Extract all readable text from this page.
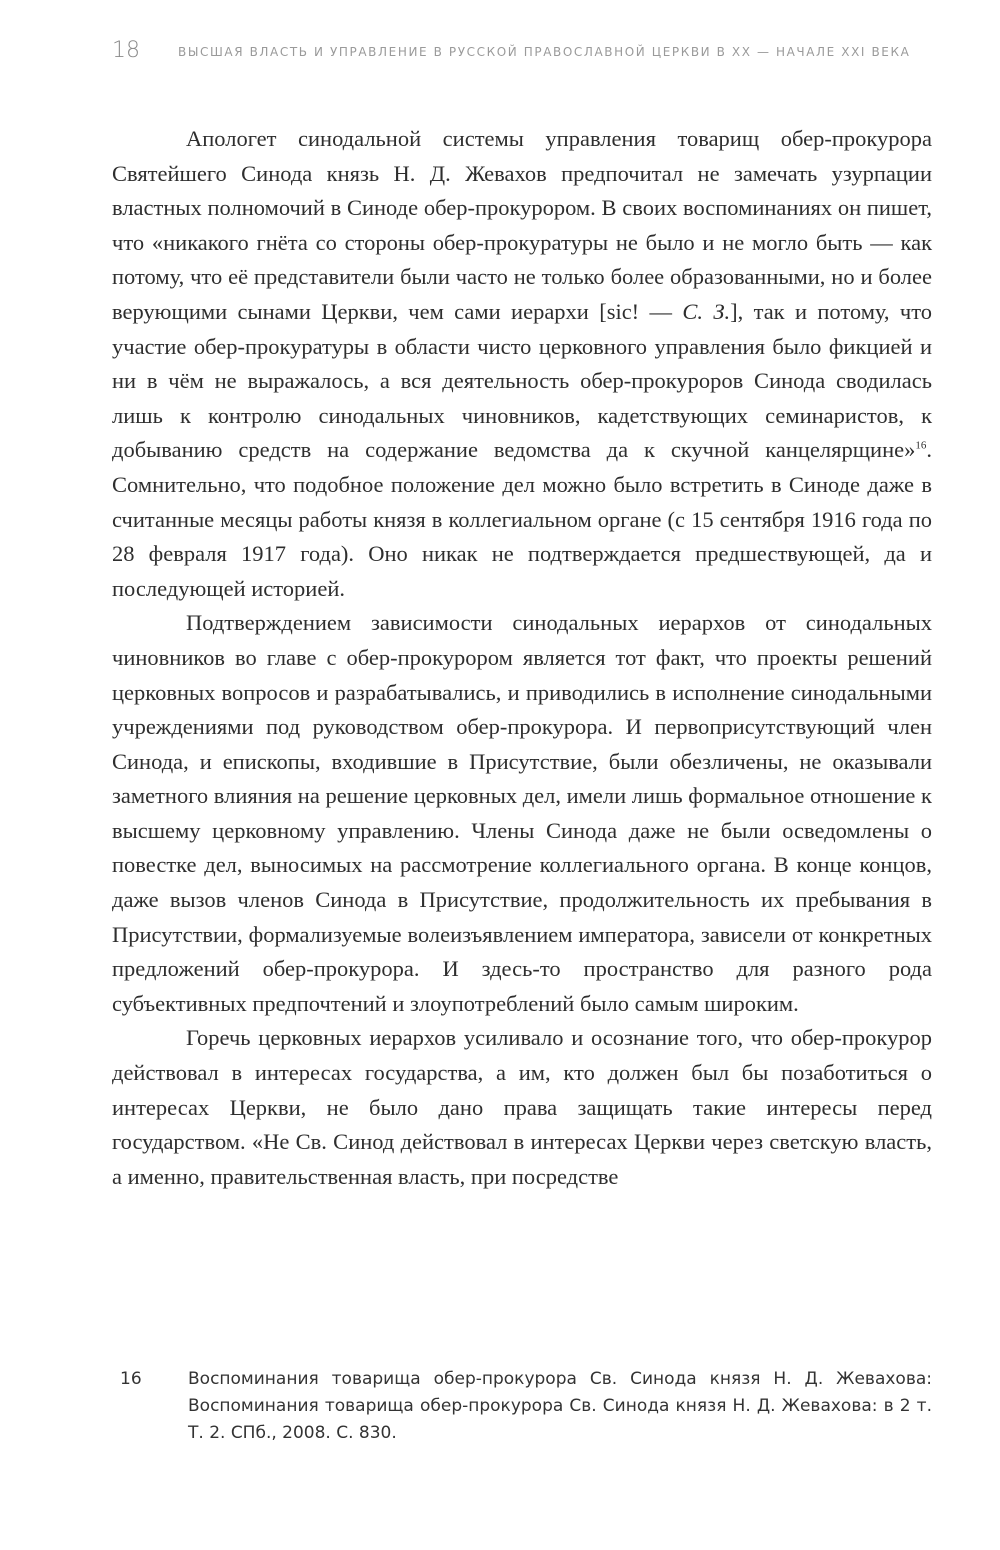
18	ВЫСШАЯ ВЛАСТЬ И УПРАВЛЕНИЕ В РУССКОЙ ПРАВОСЛАВНОЙ ЦЕРКВИ В ХХ — НАЧАЛЕ XXI ВЕКА

Апологет синодальной системы управления товарищ обер-прокурора Святейшего Синода князь Н. Д. Жевахов предпочитал не замечать узурпации властных полномочий в Синоде обер-прокурором. В своих воспоминаниях он пишет, что «никакого гнёта со стороны обер-прокуратуры не было и не могло быть — как потому, что её представители были часто не только более образованными, но и более верующими сынами Церкви, чем сами иерархи [sic! — С. З.], так и потому, что участие обер-прокуратуры в области чисто церковного управления было фикцией и ни в чём не выражалось, а вся деятельность обер-прокуроров Синода сводилась лишь к контролю синодальных чиновников, кадетствующих семинаристов, к добыванию средств на содержание ведомства да к скучной канцелярщине»$^{16}$. Сомнительно, что подобное положение дел можно было встретить в Синоде даже в считанные месяцы работы князя в коллегиальном органе (с 15 сентября 1916 года по 28 февраля 1917 года). Оно никак не подтверждается предшествующей, да и последующей историей.

Подтверждением зависимости синодальных иерархов от синодальных чиновников во главе с обер-прокурором является тот факт, что проекты решений церковных вопросов и разрабатывались, и приводились в исполнение синодальными учреждениями под руководством обер-прокурора. И первоприсутствующий член Синода, и епископы, входившие в Присутствие, были обезличены, не оказывали заметного влияния на решение церковных дел, имели лишь формальное отношение к высшему церковному управлению. Члены Синода даже не были осведомлены о повестке дел, выносимых на рассмотрение коллегиального органа. В конце концов, даже вызов членов Синода в Присутствие, продолжительность их пребывания в Присутствии, формализуемые волеизъявлением императора, зависели от конкретных предложений обер-прокурора. И здесь-то пространство для разного рода субъективных предпочтений и злоупотреблений было самым широким.

Горечь церковных иерархов усиливало и осознание того, что обер-прокурор действовал в интересах государства, а им, кто должен был бы позаботиться о интересах Церкви, не было дано права защищать такие интересы перед государством. «Не Св. Синод действовал в интересах Церкви через светскую власть, а именно, правительственная власть, при посредстве

16	Воспоминания товарища обер-прокурора Св. Синода князя Н. Д. Жевахова: Воспоминания товарища обер-прокурора Св. Синода князя Н. Д. Жевахова: в 2 т. Т. 2. СПб., 2008. С. 830.
